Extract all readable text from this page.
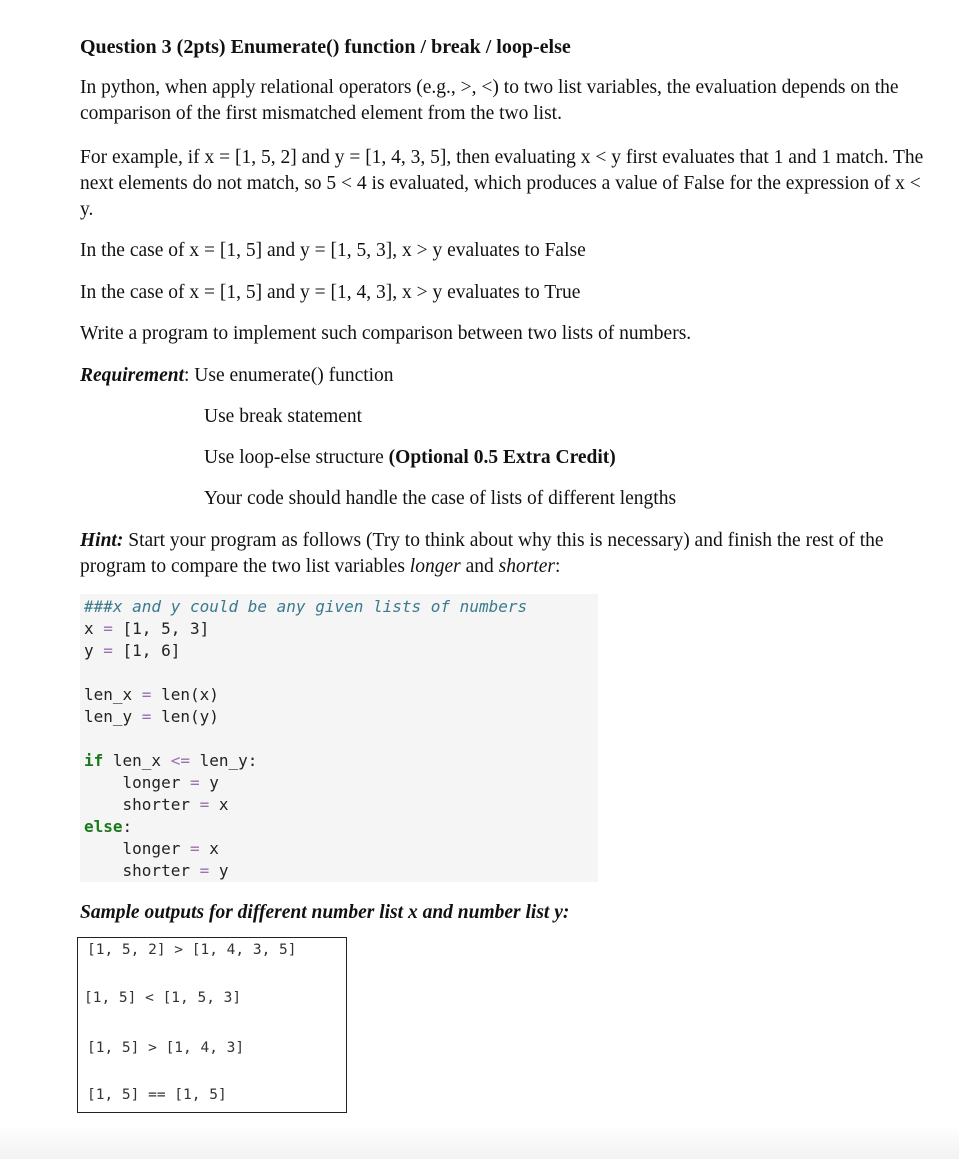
Question 3 (2pts) Enumerate() function / break / loop-else
In python, when apply relational operators (e.g., >, <) to two list variables, the evaluation depends on the comparison of the first mismatched element from the two list.
For example, if x = [1, 5, 2] and y = [1, 4, 3, 5], then evaluating x < y first evaluates that 1 and 1 match. The next elements do not match, so 5 < 4 is evaluated, which produces a value of False for the expression of x < y.
In the case of x = [1, 5] and y = [1, 5, 3], x > y evaluates to False
In the case of x = [1, 5] and y = [1, 4, 3], x > y evaluates to True
Write a program to implement such comparison between two lists of numbers.
Requirement: Use enumerate() function
Use break statement
Use loop-else structure (Optional 0.5 Extra Credit)
Your code should handle the case of lists of different lengths
Hint: Start your program as follows (Try to think about why this is necessary) and finish the rest of the program to compare the two list variables longer and shorter:
###x and y could be any given lists of numbers
x = [1, 5, 3]
y = [1, 6]

len_x = len(x)
len_y = len(y)

if len_x <= len_y:
longer = y
shorter = x
else:
longer = x
shorter = y
Sample outputs for different number list x and number list y:
[1, 5, 2] > [1, 4, 3, 5]
[1, 5] < [1, 5, 3]
[1, 5] > [1, 4, 3]
[1, 5] == [1, 5]
